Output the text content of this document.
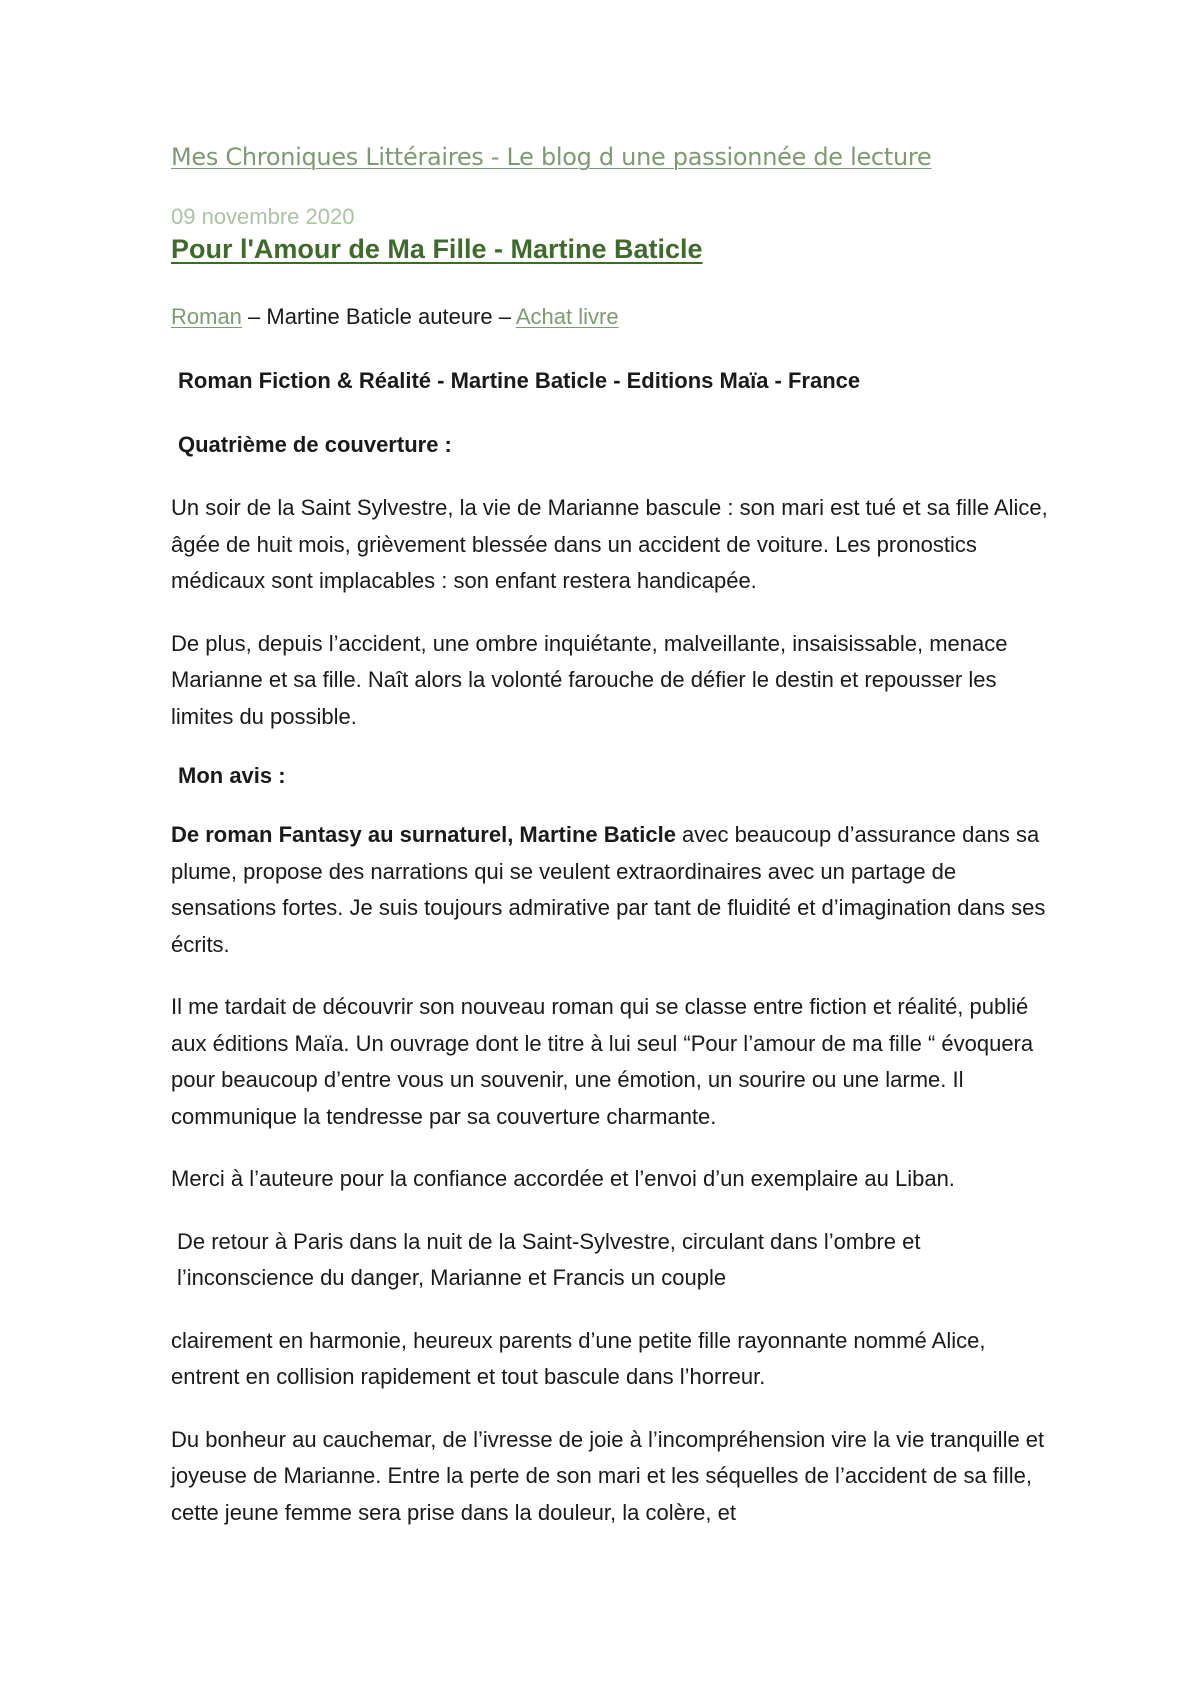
Mes Chroniques Littéraires - Le blog d une passionnée de lecture
09 novembre 2020
Pour l'Amour de Ma Fille - Martine Baticle
Roman – Martine Baticle auteure – Achat livre
Roman Fiction & Réalité - Martine Baticle - Editions Maïa - France
Quatrième de couverture :

Un soir de la Saint Sylvestre, la vie de Marianne bascule : son mari est tué et sa fille Alice, âgée de huit mois, grièvement blessée dans un accident de voiture. Les pronostics médicaux sont implacables : son enfant restera handicapée.

De plus, depuis l’accident, une ombre inquiétante, malveillante, insaisissable, menace Marianne et sa fille. Naît alors la volonté farouche de défier le destin et repousser les limites du possible.

Mon avis :

De roman Fantasy au surnaturel, Martine Baticle avec beaucoup d’assurance dans sa plume, propose des narrations qui se veulent extraordinaires avec un partage de sensations fortes. Je suis toujours admirative par tant de fluidité et d’imagination dans ses écrits.

Il me tardait de découvrir son nouveau roman qui se classe entre fiction et réalité, publié aux éditions Maïa. Un ouvrage dont le titre à lui seul “Pour l’amour de ma fille “ évoquera pour beaucoup d’entre vous un souvenir, une émotion, un sourire ou une larme. Il communique la tendresse par sa couverture charmante.

Merci à l’auteure pour la confiance accordée et l’envoi d’un exemplaire au Liban.

De retour à Paris dans la nuit de la Saint-Sylvestre, circulant dans l’ombre et l’inconscience du danger, Marianne et Francis un couple

clairement en harmonie, heureux parents d’une petite fille rayonnante nommé Alice, entrent en collision rapidement et tout bascule dans l’horreur.

Du bonheur au cauchemar, de l’ivresse de joie à l’incompréhension vire la vie tranquille et joyeuse de Marianne. Entre la perte de son mari et les séquelles de l’accident de sa fille, cette jeune femme sera prise dans la douleur, la colère, et
